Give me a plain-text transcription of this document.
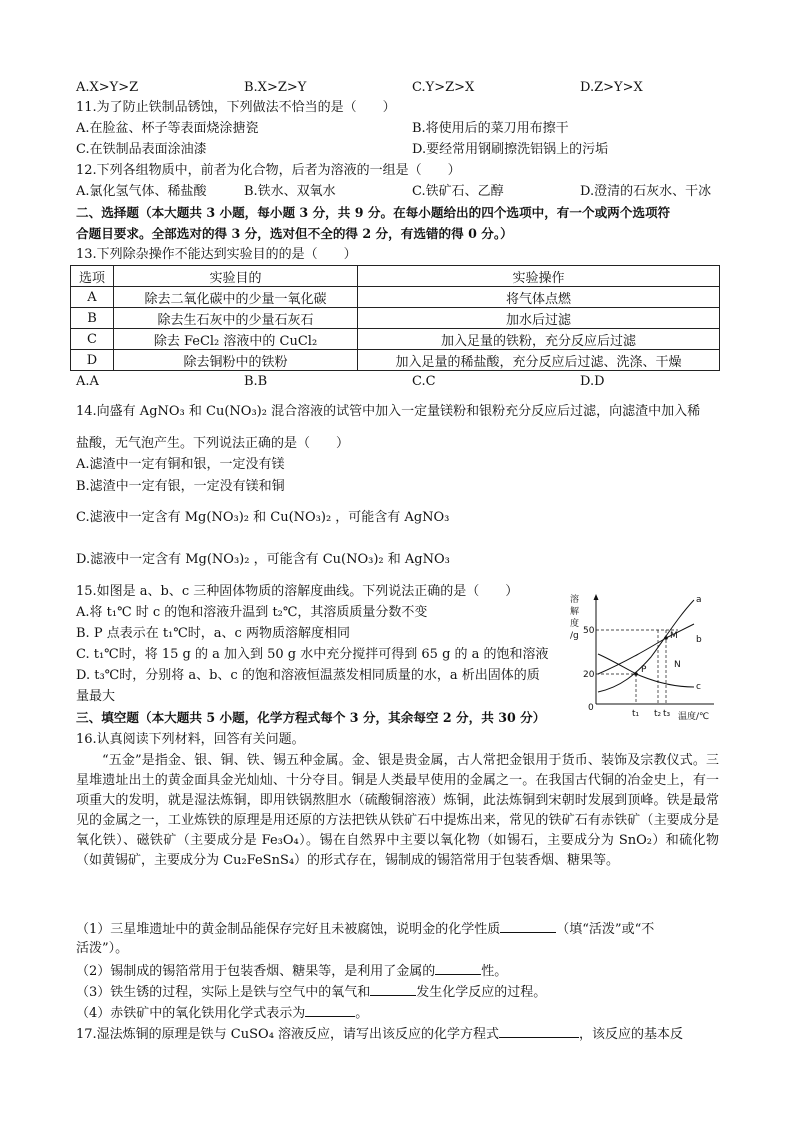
A.X>Y>Z	B.X>Z>Y	C.Y>Z>X	D.Z>Y>X
11.为了防止铁制品锈蚀，下列做法不恰当的是（　　）
A.在脸盆、杯子等表面烧涂搪瓷	B.将使用后的菜刀用布擦干
C.在铁制品表面涂油漆	D.要经常用钢刷擦洗铝锅上的污垢
12.下列各组物质中，前者为化合物，后者为溶液的一组是（　　）
A.氯化氢气体、稀盐酸	B.铁水、双氧水	C.铁矿石、乙醇	D.澄清的石灰水、干冰
二、选择题（本大题共 3 小题，每小题 3 分，共 9 分。在每小题给出的四个选项中，有一个或两个选项符
合题目要求。全部选对的得 3 分，选对但不全的得 2 分，有选错的得 0 分。）
13.下列除杂操作不能达到实验目的的是（　　）
选项	实验目的	实验操作
A	除去二氧化碳中的少量一氧化碳	将气体点燃
B	除去生石灰中的少量石灰石	加水后过滤
C	除去 FeCl₂ 溶液中的 CuCl₂	加入足量的铁粉，充分反应后过滤
D	除去铜粉中的铁粉	加入足量的稀盐酸，充分反应后过滤、洗涤、干燥
A.A	B.B	C.C	D.D
14.向盛有 AgNO₃ 和 Cu(NO₃)₂ 混合溶液的试管中加入一定量镁粉和银粉充分反应后过滤，向滤渣中加入稀
盐酸，无气泡产生。下列说法正确的是（　　）
A.滤渣中一定有铜和银，一定没有镁
B.滤渣中一定有银，一定没有镁和铜
C.滤液中一定含有 Mg(NO₃)₂ 和 Cu(NO₃)₂ ，可能含有 AgNO₃
D.滤液中一定含有 Mg(NO₃)₂ ，可能含有 Cu(NO₃)₂ 和 AgNO₃
15.如图是 a、b、c 三种固体物质的溶解度曲线。下列说法正确的是（　　）
A.将 t₁℃ 时 c 的饱和溶液升温到 t₂℃，其溶质质量分数不变
B. P 点表示在 t₁℃时，a、c 两物质溶解度相同
C. t₁℃时，将 15 g 的 a 加入到 50 g 水中充分搅拌可得到 65 g 的 a 的饱和溶液
D. t₃℃时，分别将 a、b、c 的饱和溶液恒温蒸发相同质量的水，a 析出固体的质
量最大
溶
解
度
/g 50
20
0
a
b
c
M
P	N
t₁ t₂ t₃ 温度/℃
三、填空题（本大题共 5 小题，化学方程式每个 3 分，其余每空 2 分，共 30 分）
16.认真阅读下列材料，回答有关问题。
“五金”是指金、银、铜、铁、锡五种金属。金、银是贵金属，古人常把金银用于货币、装饰及宗教仪式。三星堆遗址出土的黄金面具金光灿灿、十分夺目。铜是人类最早使用的金属之一。在我国古代铜的冶金史上，有一项重大的发明，就是湿法炼铜，即用铁锅熬胆水（硫酸铜溶液）炼铜，此法炼铜到宋朝时发展到顶峰。铁是最常见的金属之一，工业炼铁的原理是用还原的方法把铁从铁矿石中提炼出来，常见的铁矿石有赤铁矿（主要成分是氧化铁）、磁铁矿（主要成分是 Fe₃O₄）。锡在自然界中主要以氧化物（如锡石，主要成分为 SnO₂）和硫化物（如黄锡矿，主要成分为 Cu₂FeSnS₄）的形式存在，锡制成的锡箔常用于包装香烟、糖果等。
（1）三星堆遗址中的黄金制品能保存完好且未被腐蚀，说明金的化学性质	（填“活泼”或“不
活泼”）。
（2）锡制成的锡箔常用于包装香烟、糖果等，是利用了金属的	性。
（3）铁生锈的过程，实际上是铁与空气中的氧气和	发生化学反应的过程。
（4）赤铁矿中的氧化铁用化学式表示为	。
17.湿法炼铜的原理是铁与 CuSO₄ 溶液反应，请写出该反应的化学方程式	，该反应的基本反
